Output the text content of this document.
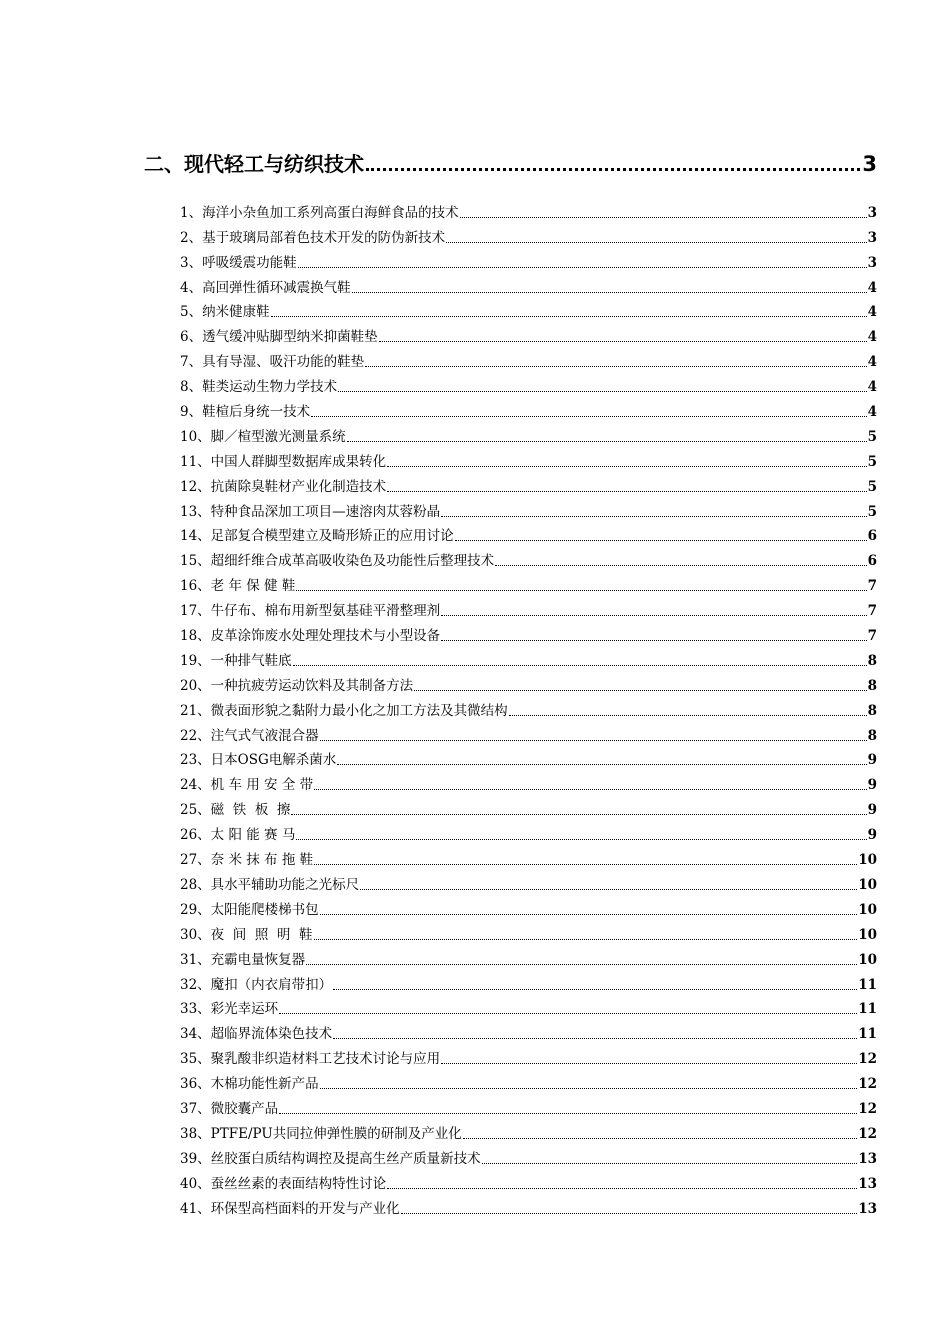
二、现代轻工与纺织技术	3
1、海洋小杂鱼加工系列高蛋白海鲜食品的技术	3
2、基于玻璃局部着色技术开发的防伪新技术	3
3、呼吸缓震功能鞋	3
4、高回弹性循环减震换气鞋	4
5、纳米健康鞋	4
6、透气缓冲贴脚型纳米抑菌鞋垫	4
7、具有导湿、吸汗功能的鞋垫	4
8、鞋类运动生物力学技术	4
9、鞋楦后身统一技术	4
10、脚／楦型激光测量系统	5
11、中国人群脚型数据库成果转化	5
12、抗菌除臭鞋材产业化制造技术	5
13、特种食品深加工项目—速溶肉苁蓉粉晶	5
14、足部复合模型建立及畸形矫正的应用讨论	6
15、超细纤维合成革高吸收染色及功能性后整理技术	6
16、老 年 保 健 鞋	7
17、牛仔布、棉布用新型氨基硅平滑整理剂	7
18、皮革涂饰废水处理处理技术与小型设备	7
19、一种排气鞋底	8
20、一种抗疲劳运动饮料及其制备方法	8
21、微表面形貌之黏附力最小化之加工方法及其微结构	8
22、注气式气液混合器	8
23、日本OSG电解杀菌水	9
24、机 车 用 安 全 带	9
25、磁  铁  板  擦	9
26、太 阳 能 赛 马	9
27、奈 米 抹 布 拖 鞋	10
28、具水平辅助功能之光标尺	10
29、太阳能爬楼梯书包	10
30、夜  间  照  明  鞋	10
31、充霸电量恢复器	10
32、魔扣（内衣肩带扣）	11
33、彩光幸运环	11
34、超临界流体染色技术	11
35、聚乳酸非织造材料工艺技术讨论与应用	12
36、木棉功能性新产品	12
37、微胶囊产品	12
38、PTFE/PU共同拉伸弹性膜的研制及产业化	12
39、丝胶蛋白质结构调控及提高生丝产质量新技术	13
40、蚕丝丝素的表面结构特性讨论	13
41、环保型高档面料的开发与产业化	13
